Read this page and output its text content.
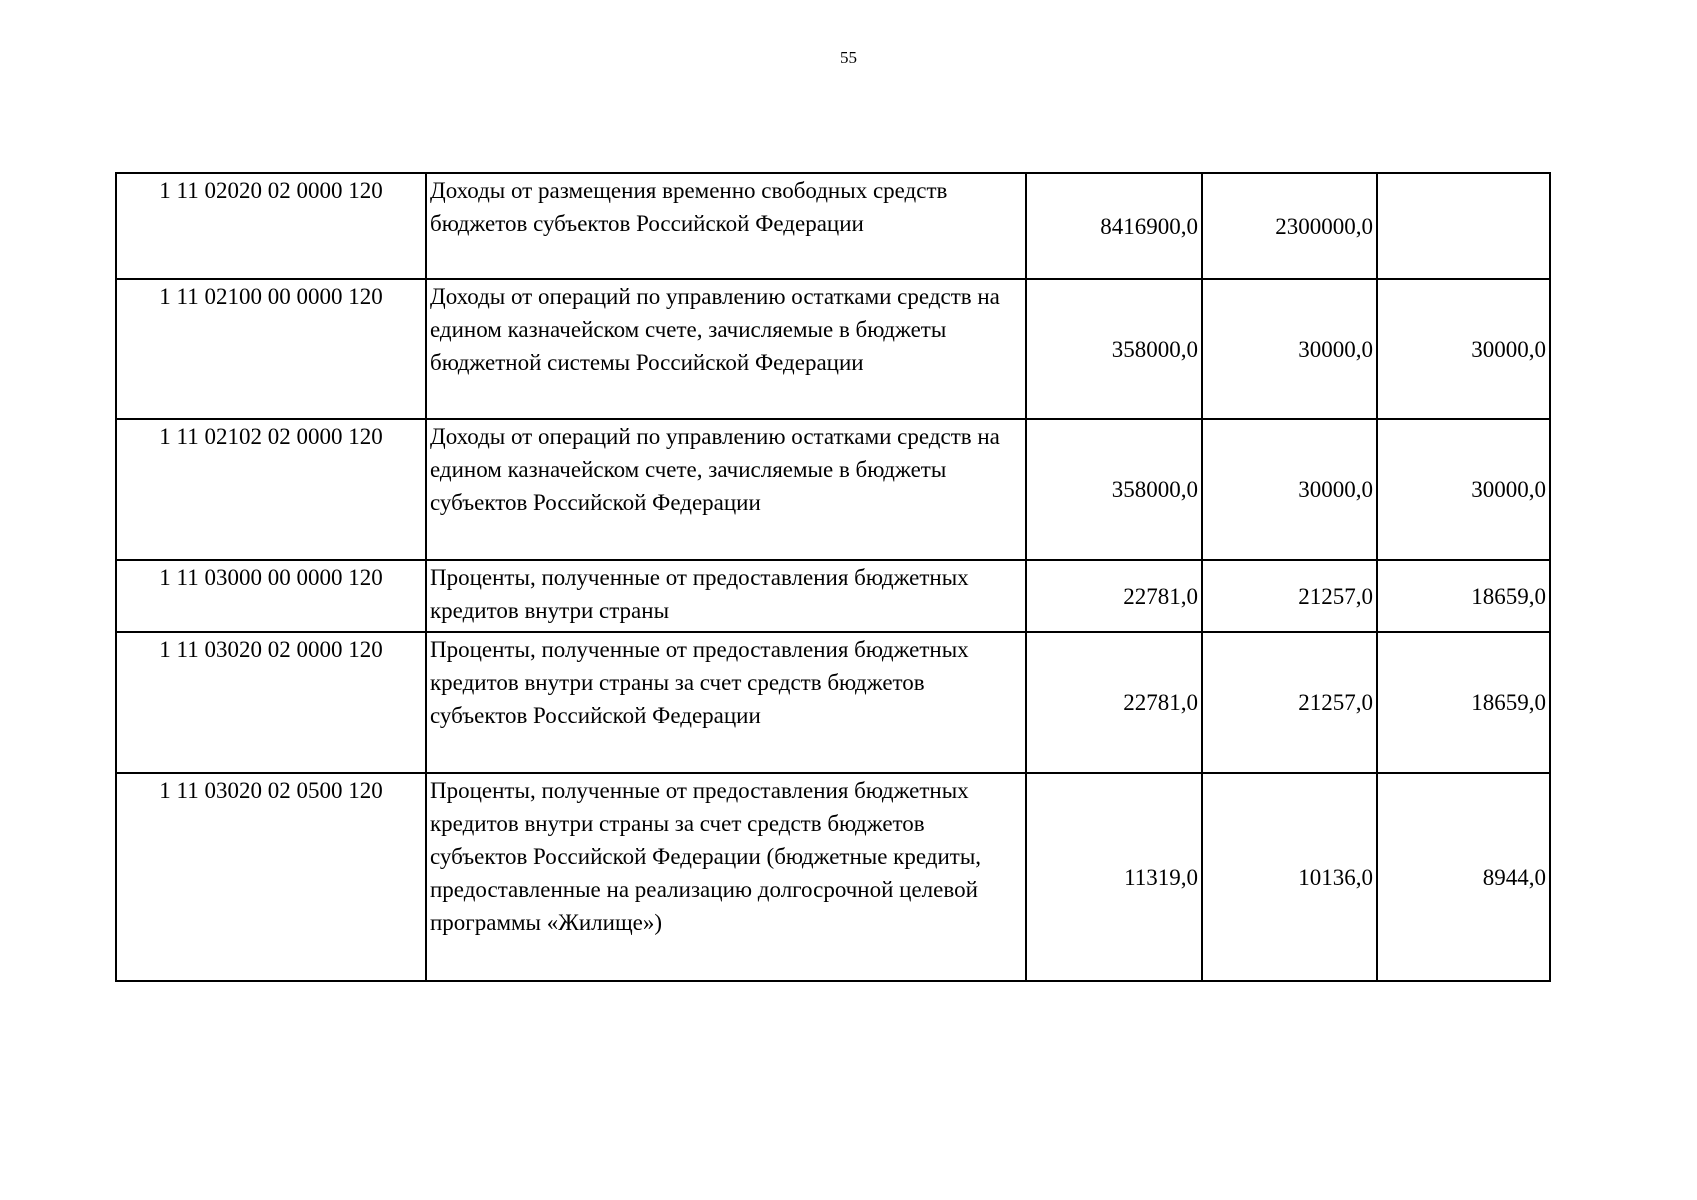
55
1 11 02020 02 0000 120	Доходы от размещения временно свободных средств бюджетов субъектов Российской Федерации	8416900,0	2300000,0	
1 11 02100 00 0000 120	Доходы от операций по управлению остатками средств на едином казначейском счете, зачисляемые в бюджеты бюджетной системы Российской Федерации	358000,0	30000,0	30000,0
1 11 02102 02 0000 120	Доходы от операций по управлению остатками средств на едином казначейском счете, зачисляемые в бюджеты субъектов Российской Федерации	358000,0	30000,0	30000,0
1 11 03000 00 0000 120	Проценты, полученные от предоставления бюджетных кредитов внутри страны	22781,0	21257,0	18659,0
1 11 03020 02 0000 120	Проценты, полученные от предоставления бюджетных кредитов внутри страны за счет средств бюджетов субъектов Российской Федерации	22781,0	21257,0	18659,0
1 11 03020 02 0500 120	Проценты, полученные от предоставления бюджетных кредитов внутри страны за счет средств бюджетов субъектов Российской Федерации (бюджетные кредиты, предоставленные на реализацию долгосрочной целевой программы «Жилище»)	11319,0	10136,0	8944,0
